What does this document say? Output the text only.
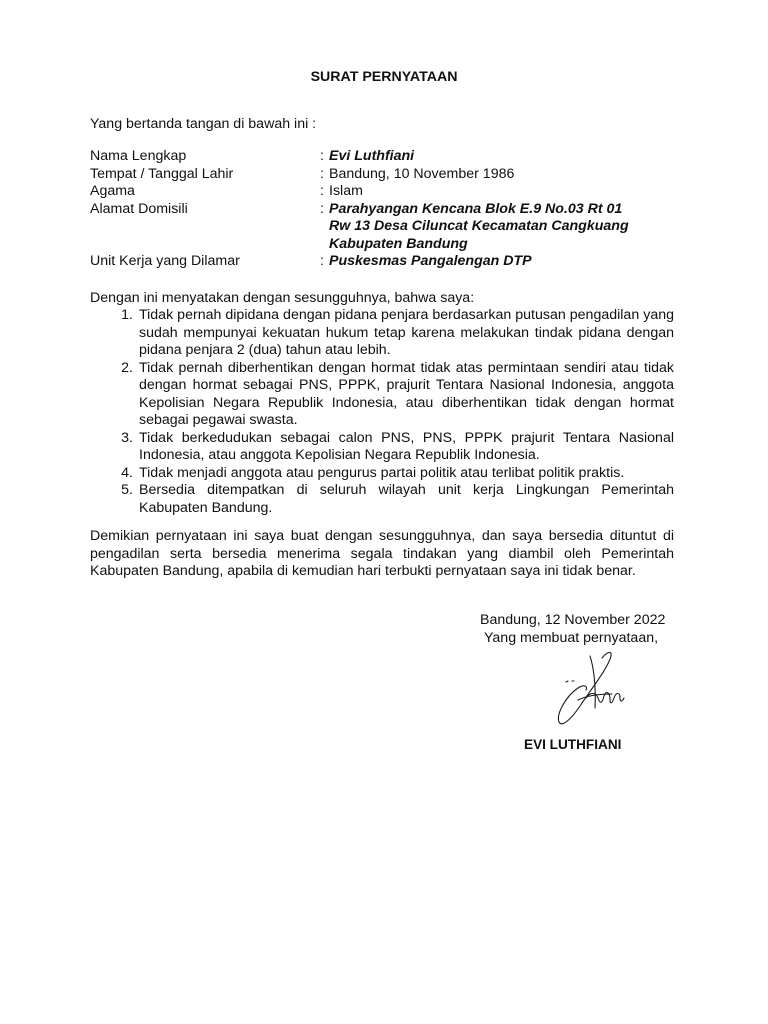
SURAT PERNYATAAN
Yang bertanda tangan di bawah ini :
Nama Lengkap	: Evi Luthfiani
Tempat / Tanggal Lahir	: Bandung, 10 November 1986
Agama	: Islam
Alamat Domisili	: Parahyangan Kencana Blok E.9 No.03 Rt 01
Rw 13 Desa Ciluncat Kecamatan Cangkuang
Kabupaten Bandung
Unit Kerja yang Dilamar	: Puskesmas Pangalengan DTP
Dengan ini menyatakan dengan sesungguhnya, bahwa saya:
1. Tidak pernah dipidana dengan pidana penjara berdasarkan putusan pengadilan yang sudah mempunyai kekuatan hukum tetap karena melakukan tindak pidana dengan pidana penjara 2 (dua) tahun atau lebih.
2. Tidak pernah diberhentikan dengan hormat tidak atas permintaan sendiri atau tidak dengan hormat sebagai PNS, PPPK, prajurit Tentara Nasional Indonesia, anggota Kepolisian Negara Republik Indonesia, atau diberhentikan tidak dengan hormat sebagai pegawai swasta.
3. Tidak berkedudukan sebagai calon PNS, PNS, PPPK prajurit Tentara Nasional Indonesia, atau anggota Kepolisian Negara Republik Indonesia.
4. Tidak menjadi anggota atau pengurus partai politik atau terlibat politik praktis.
5. Bersedia ditempatkan di seluruh wilayah unit kerja Lingkungan Pemerintah Kabupaten Bandung.
Demikian pernyataan ini saya buat dengan sesungguhnya, dan saya bersedia dituntut di pengadilan serta bersedia menerima segala tindakan yang diambil oleh Pemerintah Kabupaten Bandung, apabila di kemudian hari terbukti pernyataan saya ini tidak benar.
Bandung, 12 November 2022
Yang membuat pernyataan,
EVI LUTHFIANI
